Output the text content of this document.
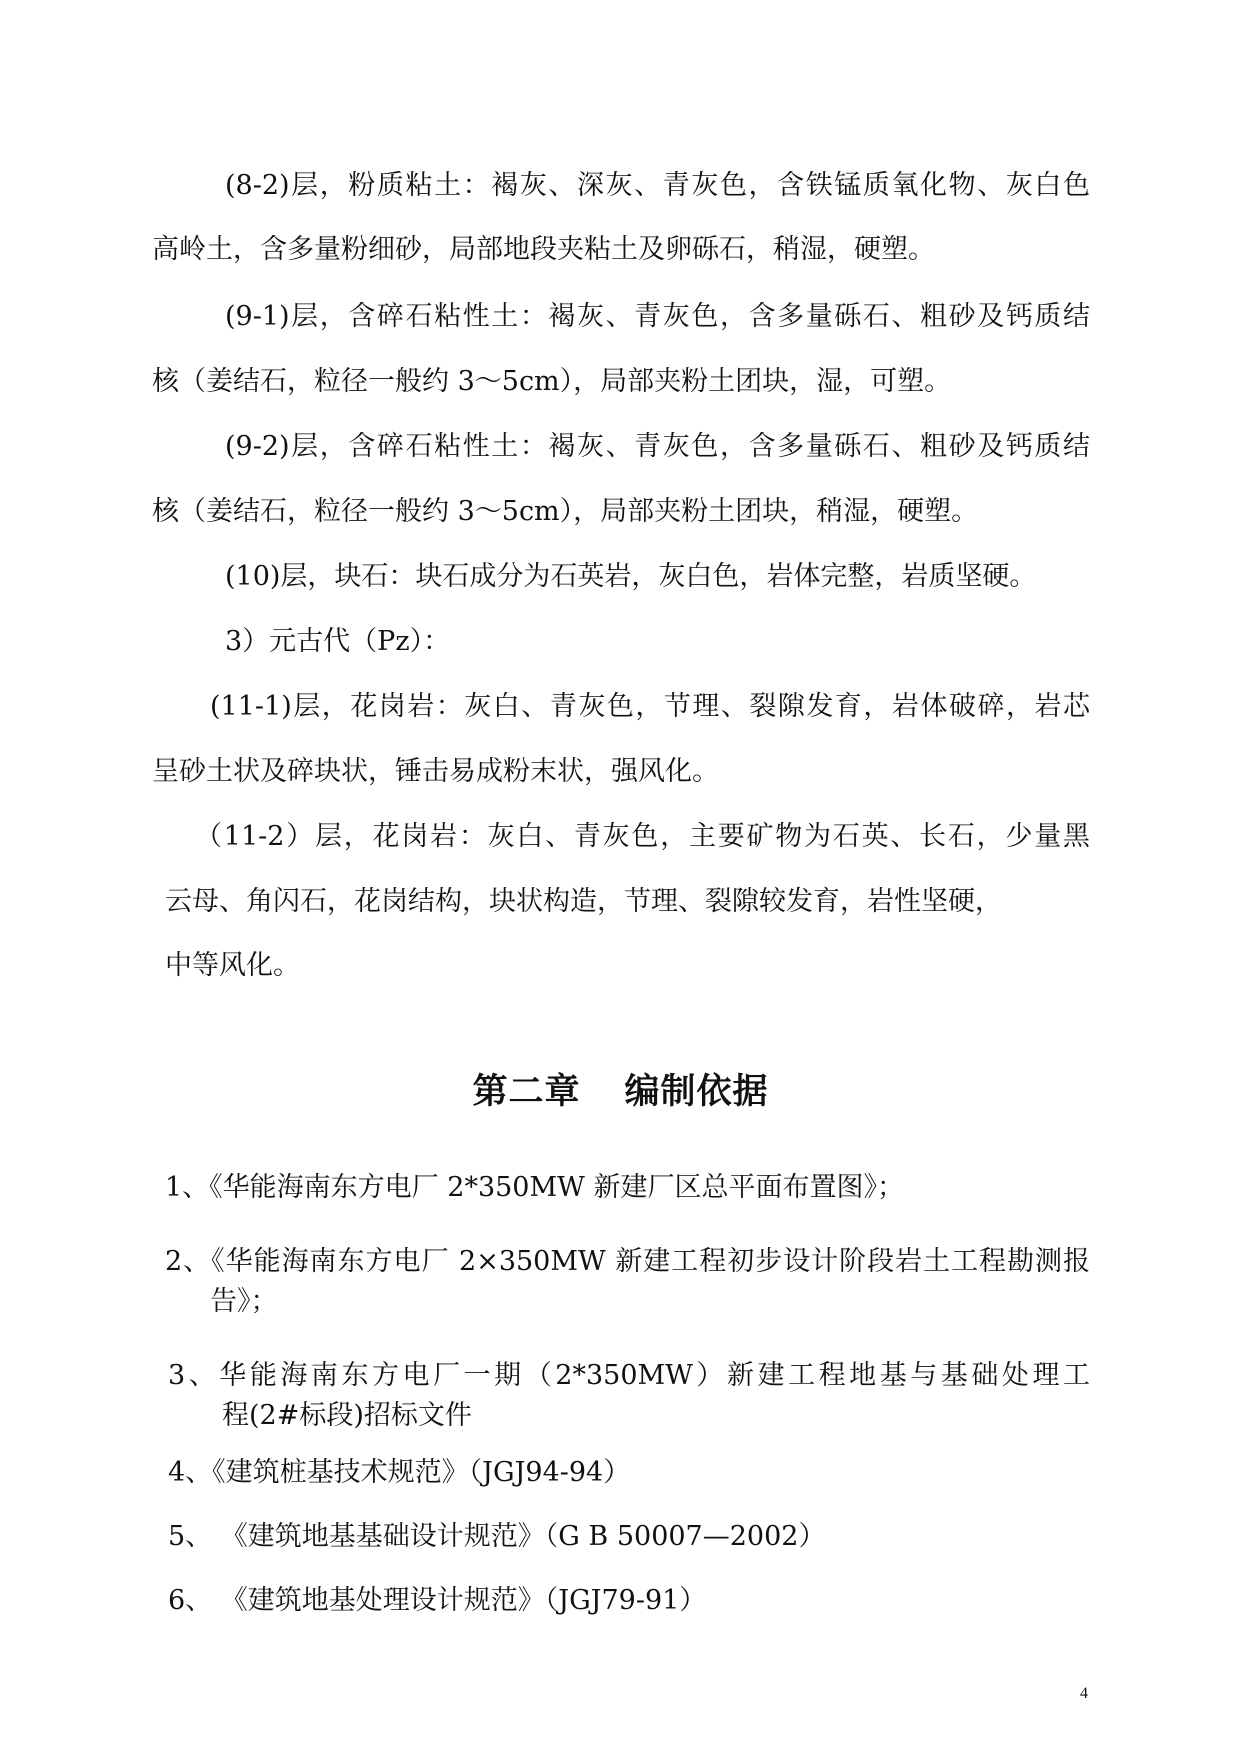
(8-2)层，粉质粘土：褐灰、深灰、青灰色，含铁锰质氧化物、灰白色

高岭土，含多量粉细砂，局部地段夹粘土及卵砾石，稍湿，硬塑。

(9-1)层，含碎石粘性土：褐灰、青灰色，含多量砾石、粗砂及钙质结

核（姜结石，粒径一般约 3～5cm），局部夹粉土团块，湿，可塑。

(9-2)层，含碎石粘性土：褐灰、青灰色，含多量砾石、粗砂及钙质结

核（姜结石，粒径一般约 3～5cm），局部夹粉土团块，稍湿，硬塑。

(10)层，块石：块石成分为石英岩，灰白色，岩体完整，岩质坚硬。

3）元古代（Pz）：

(11-1)层，花岗岩：灰白、青灰色，节理、裂隙发育，岩体破碎，岩芯

呈砂土状及碎块状，锤击易成粉末状，强风化。

（11-2）层，花岗岩：灰白、青灰色，主要矿物为石英、长石，少量黑

云母、角闪石，花岗结构，块状构造，节理、裂隙较发育，岩性坚硬，

中等风化。

第二章 编制依据

1、《华能海南东方电厂 2*350MW 新建厂区总平面布置图》；

2、《华能海南东方电厂 2×350MW 新建工程初步设计阶段岩土工程勘测报

告》；

3、华能海南东方电厂一期（2*350MW）新建工程地基与基础处理工

程(2#标段)招标文件

4、《建筑桩基技术规范》（JGJ94-94）

5、 《建筑地基基础设计规范》（G B 50007—2002）

6、 《建筑地基处理设计规范》（JGJ79-91）

4
